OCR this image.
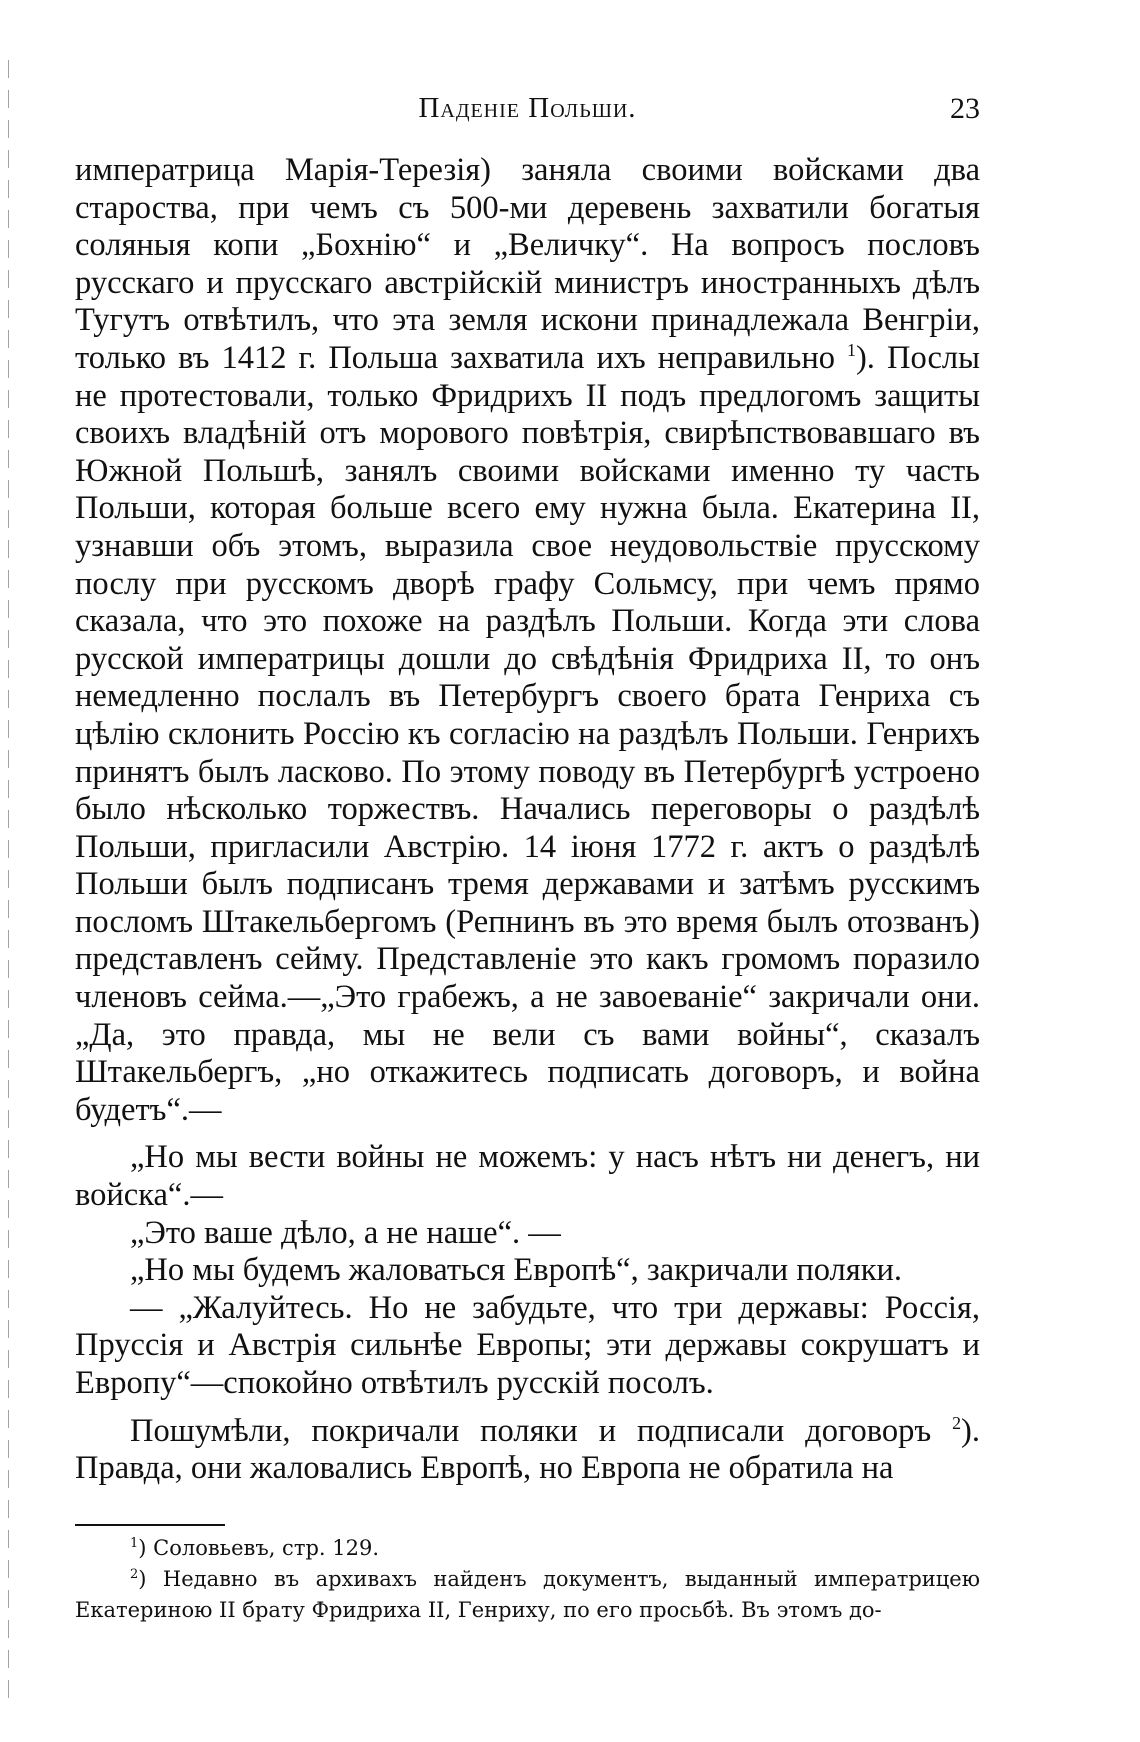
Паденіе Польши.	23

императрица Марія-Терезія) заняла своими войсками два староства, при чемъ съ 500-ми деревень захватили богатыя соляныя копи „Бохнію“ и „Величку“. На вопросъ пословъ русскаго и прусскаго австрійскій министръ иностранныхъ дѣлъ Тугутъ отвѣтилъ, что эта земля искони принадлежала Венгріи, только въ 1412 г. Польша захватила ихъ неправильно $^1$). Послы не протестовали, только Фридрихъ II подъ предлогомъ защиты своихъ владѣній отъ морового повѣтрія, свирѣпствовавшаго въ Южной Польшѣ, занялъ своими войсками именно ту часть Польши, которая больше всего ему нужна была. Екатерина II, узнавши объ этомъ, выразила свое неудовольствіе прусскому послу при русскомъ дворѣ графу Сольмсу, при чемъ прямо сказала, что это похоже на раздѣлъ Польши. Когда эти слова русской императрицы дошли до свѣдѣнія Фридриха II, то онъ немедленно послалъ въ Петербургъ своего брата Генриха съ цѣлію склонить Россію къ согласію на раздѣлъ Польши. Генрихъ принятъ былъ ласково. По этому поводу въ Петербургѣ устроено было нѣсколько торжествъ. Начались переговоры о раздѣлѣ Польши, пригласили Австрію. 14 іюня 1772 г. актъ о раздѣлѣ Польши былъ подписанъ тремя державами и затѣмъ русскимъ посломъ Штакельбергомъ (Репнинъ въ это время былъ отозванъ) представленъ сейму. Представленіе это какъ громомъ поразило членовъ сейма.—„Это грабежъ, а не завоеваніе“ закричали они. „Да, это правда, мы не вели съ вами войны“, сказалъ Штакельбергъ, „но откажитесь подписать договоръ, и война будетъ“.—

„Но мы вести войны не можемъ: у насъ нѣтъ ни денегъ, ни войска“.—

„Это ваше дѣло, а не наше“. —

„Но мы будемъ жаловаться Европѣ“, закричали поляки.

— „Жалуйтесь. Но не забудьте, что три державы: Россія, Пруссія и Австрія сильнѣе Европы; эти державы сокрушатъ и Европу“—спокойно отвѣтилъ русскій посолъ.

Пошумѣли, покричали поляки и подписали договоръ $^2$). Правда, они жаловались Европѣ, но Европа не обратила на

$^1$) Соловьевъ, стр. 129.

$^2$) Недавно въ архивахъ найденъ документъ, выданный императрицею Екатериною II брату Фридриха II, Генриху, по его просьбѣ. Въ этомъ до-
